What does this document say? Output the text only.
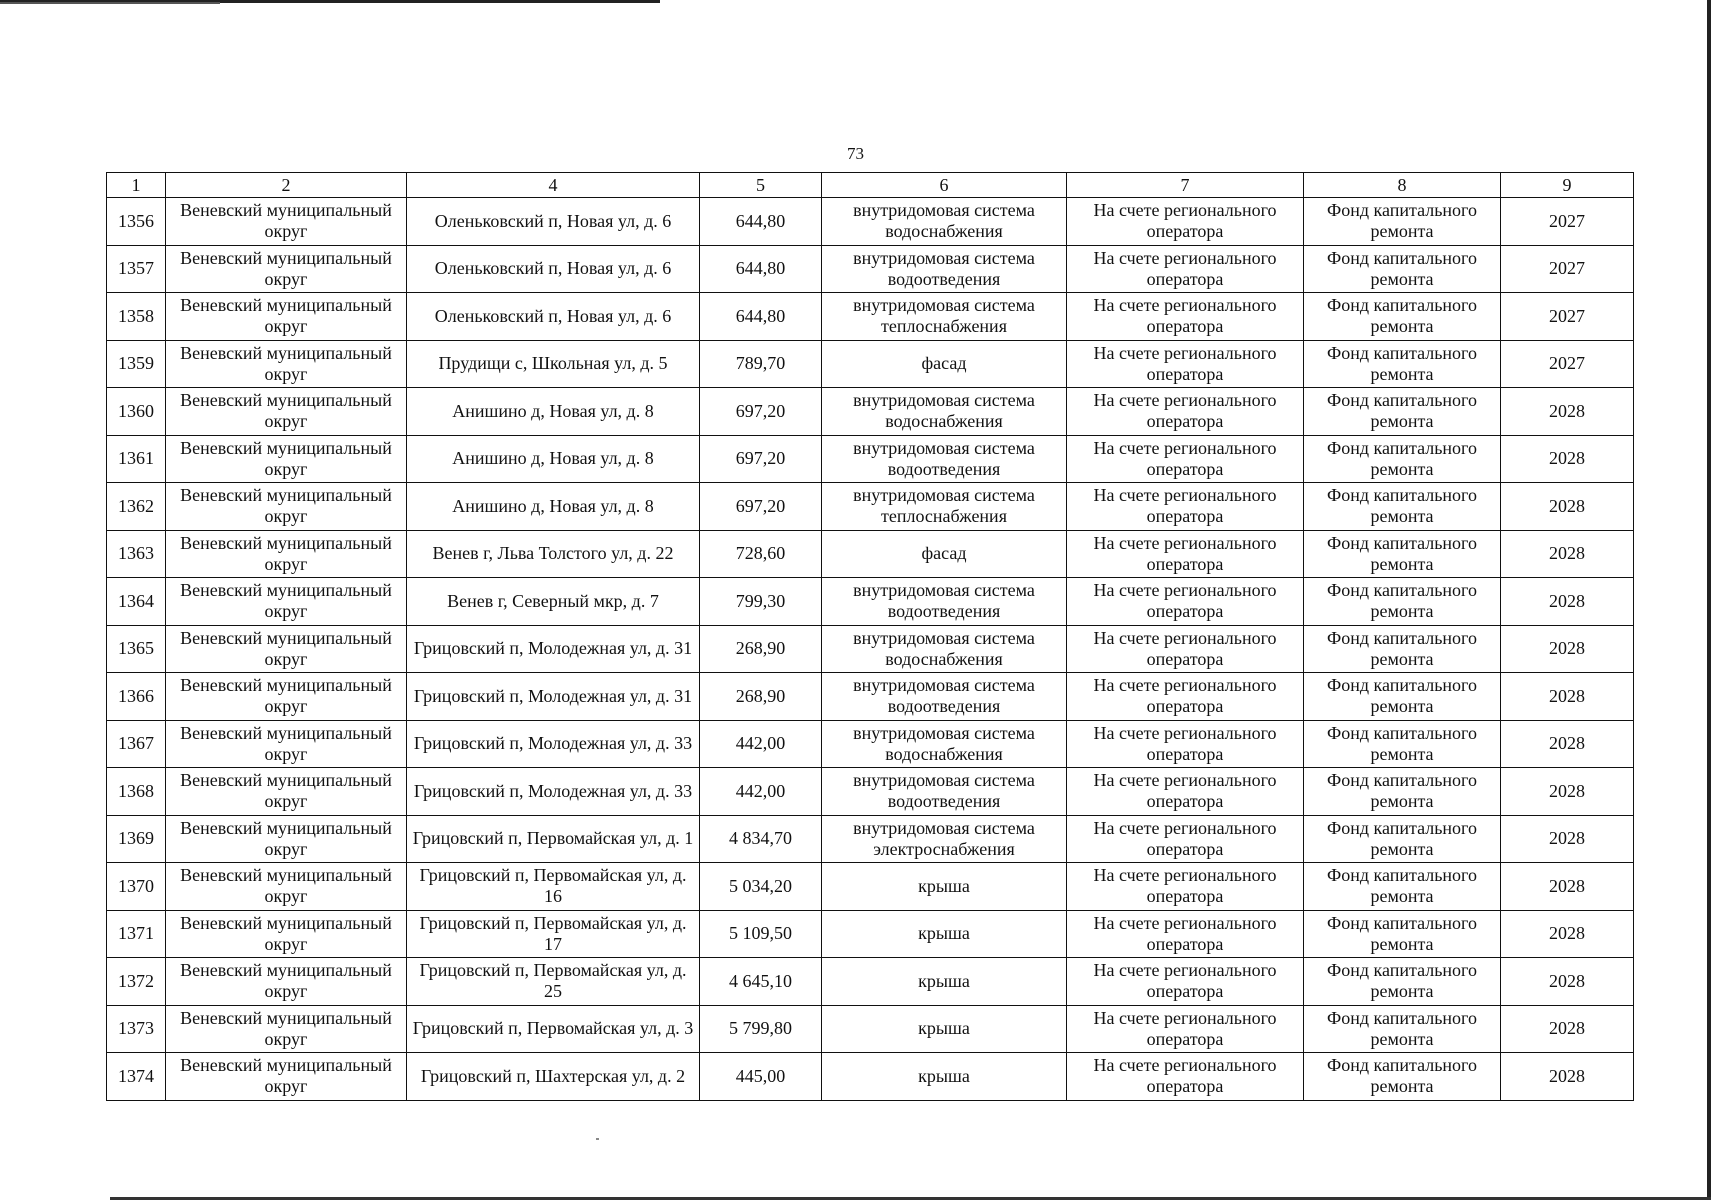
73
1	2	4	5	6	7	8	9
1356	Веневский муниципальный округ	Оленьковский п, Новая ул, д. 6	644,80	внутридомовая система водоснабжения	На счете регионального оператора	Фонд капитального ремонта	2027
1357	Веневский муниципальный округ	Оленьковский п, Новая ул, д. 6	644,80	внутридомовая система водоотведения	На счете регионального оператора	Фонд капитального ремонта	2027
1358	Веневский муниципальный округ	Оленьковский п, Новая ул, д. 6	644,80	внутридомовая система теплоснабжения	На счете регионального оператора	Фонд капитального ремонта	2027
1359	Веневский муниципальный округ	Прудищи с, Школьная ул, д. 5	789,70	фасад	На счете регионального оператора	Фонд капитального ремонта	2027
1360	Веневский муниципальный округ	Анишино д, Новая ул, д. 8	697,20	внутридомовая система водоснабжения	На счете регионального оператора	Фонд капитального ремонта	2028
1361	Веневский муниципальный округ	Анишино д, Новая ул, д. 8	697,20	внутридомовая система водоотведения	На счете регионального оператора	Фонд капитального ремонта	2028
1362	Веневский муниципальный округ	Анишино д, Новая ул, д. 8	697,20	внутридомовая система теплоснабжения	На счете регионального оператора	Фонд капитального ремонта	2028
1363	Веневский муниципальный округ	Венев г, Льва Толстого ул, д. 22	728,60	фасад	На счете регионального оператора	Фонд капитального ремонта	2028
1364	Веневский муниципальный округ	Венев г, Северный мкр, д. 7	799,30	внутридомовая система водоотведения	На счете регионального оператора	Фонд капитального ремонта	2028
1365	Веневский муниципальный округ	Грицовский п, Молодежная ул, д. 31	268,90	внутридомовая система водоснабжения	На счете регионального оператора	Фонд капитального ремонта	2028
1366	Веневский муниципальный округ	Грицовский п, Молодежная ул, д. 31	268,90	внутридомовая система водоотведения	На счете регионального оператора	Фонд капитального ремонта	2028
1367	Веневский муниципальный округ	Грицовский п, Молодежная ул, д. 33	442,00	внутридомовая система водоснабжения	На счете регионального оператора	Фонд капитального ремонта	2028
1368	Веневский муниципальный округ	Грицовский п, Молодежная ул, д. 33	442,00	внутридомовая система водоотведения	На счете регионального оператора	Фонд капитального ремонта	2028
1369	Веневский муниципальный округ	Грицовский п, Первомайская ул, д. 1	4 834,70	внутридомовая система электроснабжения	На счете регионального оператора	Фонд капитального ремонта	2028
1370	Веневский муниципальный округ	Грицовский п, Первомайская ул, д. 16	5 034,20	крыша	На счете регионального оператора	Фонд капитального ремонта	2028
1371	Веневский муниципальный округ	Грицовский п, Первомайская ул, д. 17	5 109,50	крыша	На счете регионального оператора	Фонд капитального ремонта	2028
1372	Веневский муниципальный округ	Грицовский п, Первомайская ул, д. 25	4 645,10	крыша	На счете регионального оператора	Фонд капитального ремонта	2028
1373	Веневский муниципальный округ	Грицовский п, Первомайская ул, д. 3	5 799,80	крыша	На счете регионального оператора	Фонд капитального ремонта	2028
1374	Веневский муниципальный округ	Грицовский п, Шахтерская ул, д. 2	445,00	крыша	На счете регионального оператора	Фонд капитального ремонта	2028
